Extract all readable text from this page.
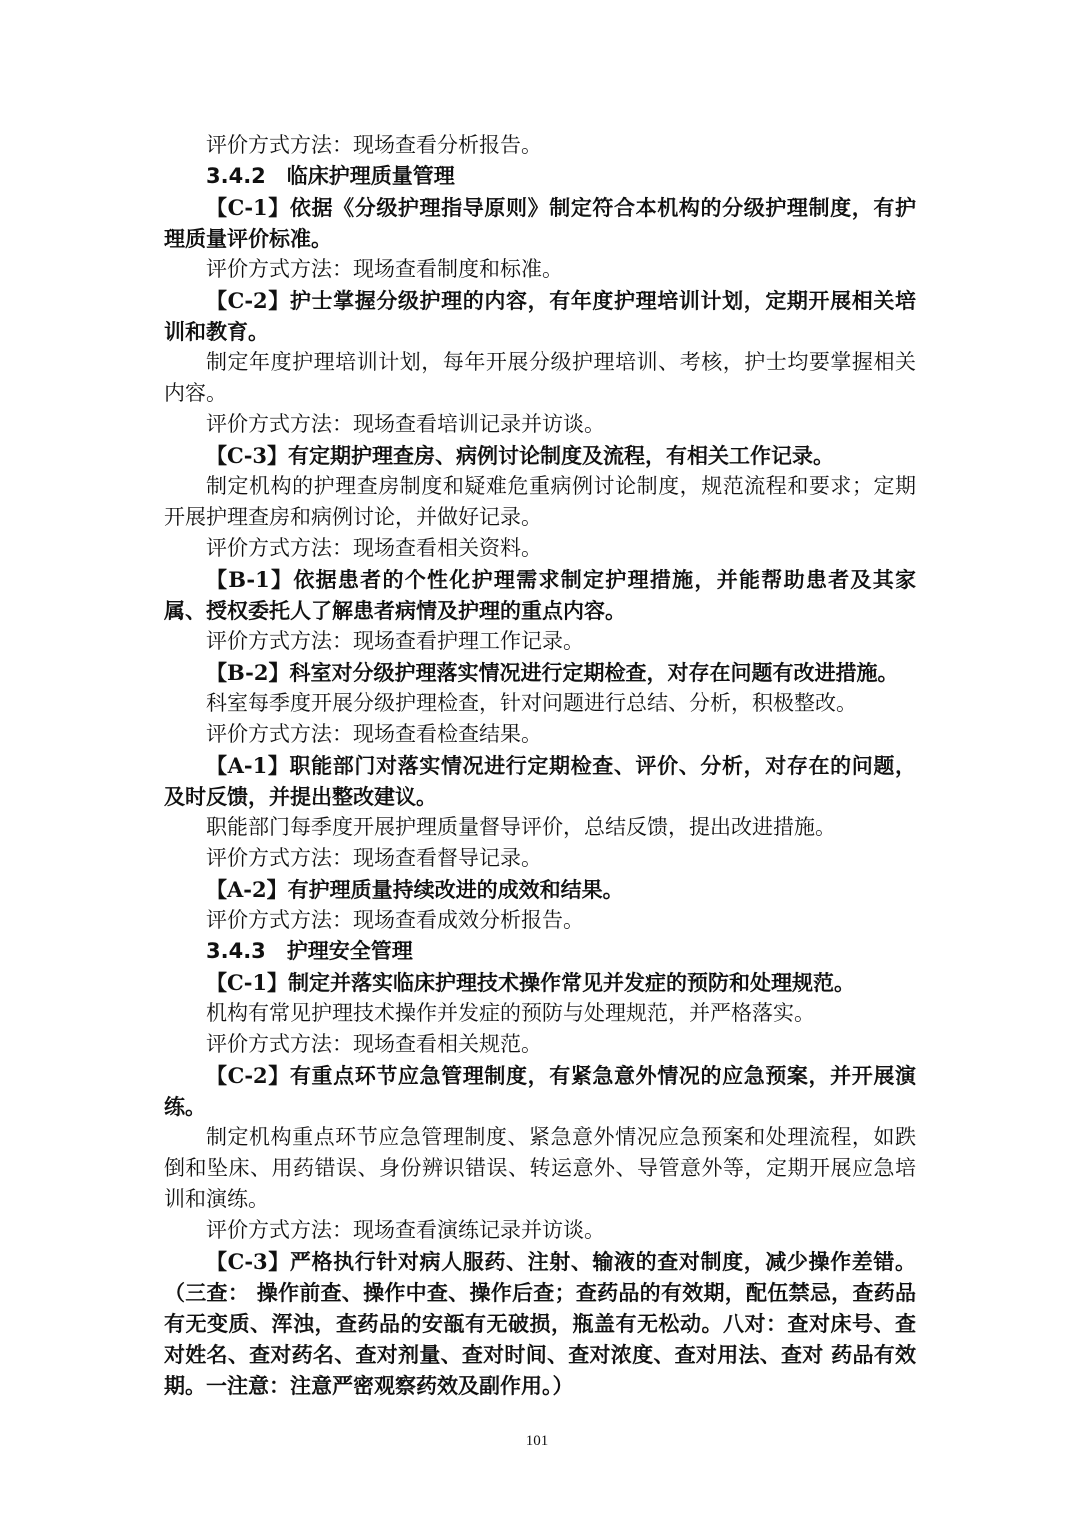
评价方式方法：现场查看分析报告。

3.4.2　临床护理质量管理

【C-1】依据《分级护理指导原则》制定符合本机构的分级护理制度，有护理质量评价标准。

评价方式方法：现场查看制度和标准。

【C-2】护士掌握分级护理的内容，有年度护理培训计划，定期开展相关培训和教育。

制定年度护理培训计划，每年开展分级护理培训、考核，护士均要掌握相关内容。

评价方式方法：现场查看培训记录并访谈。

【C-3】有定期护理查房、病例讨论制度及流程，有相关工作记录。

制定机构的护理查房制度和疑难危重病例讨论制度，规范流程和要求；定期开展护理查房和病例讨论，并做好记录。

评价方式方法：现场查看相关资料。

【B-1】依据患者的个性化护理需求制定护理措施，并能帮助患者及其家属、授权委托人了解患者病情及护理的重点内容。

评价方式方法：现场查看护理工作记录。

【B-2】科室对分级护理落实情况进行定期检查，对存在问题有改进措施。

科室每季度开展分级护理检查，针对问题进行总结、分析，积极整改。

评价方式方法：现场查看检查结果。

【A-1】职能部门对落实情况进行定期检查、评价、分析，对存在的问题，及时反馈，并提出整改建议。

职能部门每季度开展护理质量督导评价，总结反馈，提出改进措施。

评价方式方法：现场查看督导记录。

【A-2】有护理质量持续改进的成效和结果。

评价方式方法：现场查看成效分析报告。

3.4.3　护理安全管理

【C-1】制定并落实临床护理技术操作常见并发症的预防和处理规范。

机构有常见护理技术操作并发症的预防与处理规范，并严格落实。

评价方式方法：现场查看相关规范。

【C-2】有重点环节应急管理制度，有紧急意外情况的应急预案，并开展演练。

制定机构重点环节应急管理制度、紧急意外情况应急预案和处理流程，如跌倒和坠床、用药错误、身份辨识错误、转运意外、导管意外等，定期开展应急培训和演练。

评价方式方法：现场查看演练记录并访谈。

【C-3】严格执行针对病人服药、注射、输液的查对制度，减少操作差错。（三查： 操作前查、操作中查、操作后查；查药品的有效期，配伍禁忌，查药品有无变质、浑浊，查药品的安瓿有无破损，瓶盖有无松动。八对：查对床号、查对姓名、查对药名、查对剂量、查对时间、查对浓度、查对用法、查对 药品有效期。一注意：注意严密观察药效及副作用。）

101
